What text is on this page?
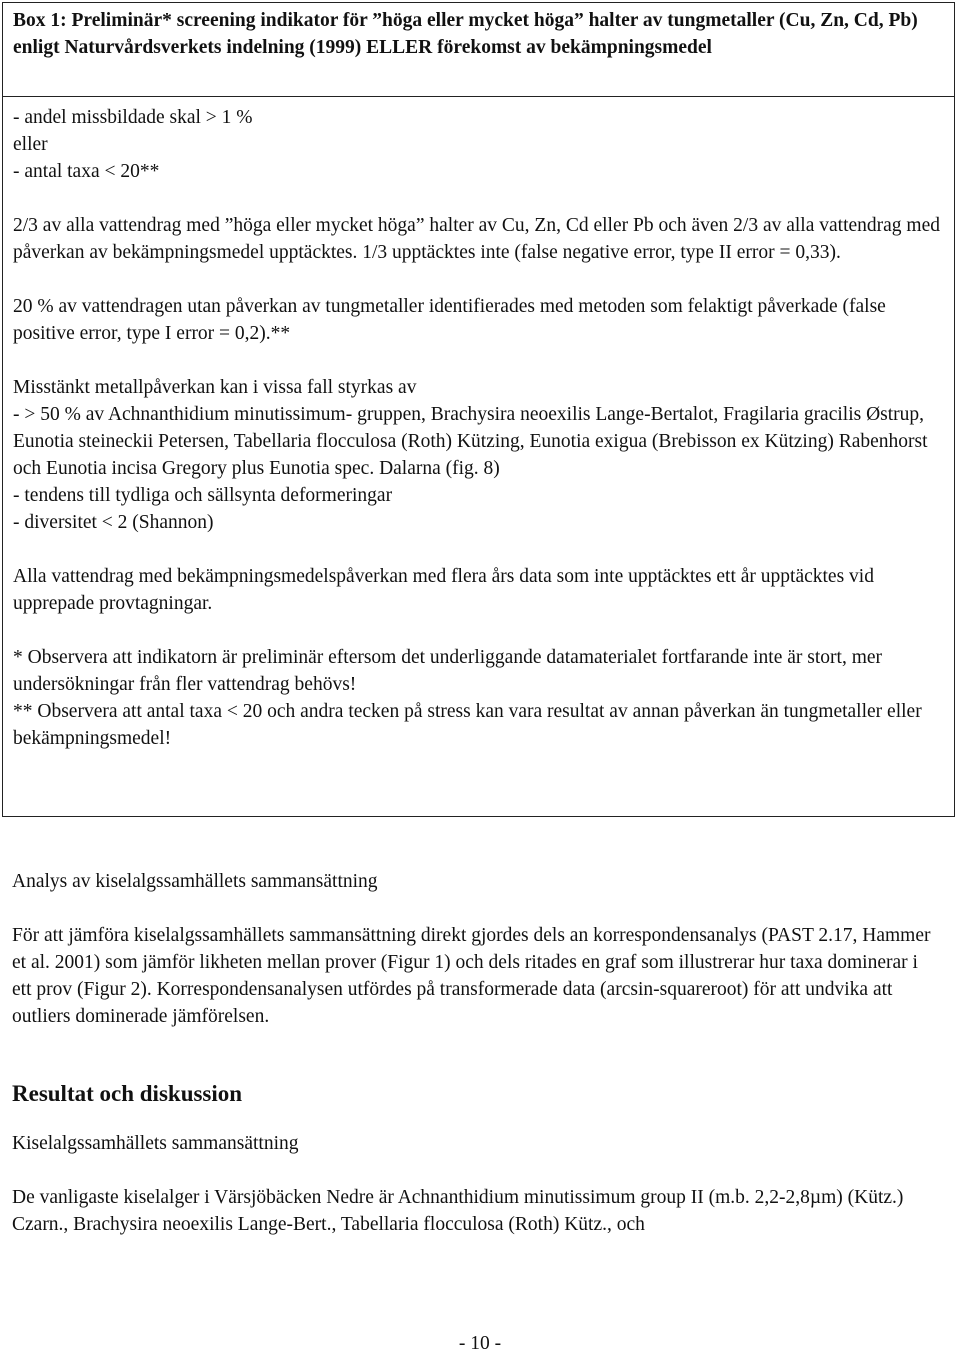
Box 1: Preliminär* screening indikator för ”höga eller mycket höga” halter av tungmetaller (Cu, Zn, Cd, Pb) enligt Naturvårdsverkets indelning (1999) ELLER förekomst av bekämpningsmedel

- andel missbildade skal > 1 %

eller

- antal taxa < 20**

2/3 av alla vattendrag med ”höga eller mycket höga” halter av Cu, Zn, Cd eller Pb och även 2/3 av alla vattendrag med påverkan av bekämpningsmedel upptäcktes. 1/3 upptäcktes inte (false negative error, type II error = 0,33).

20 % av vattendragen utan påverkan av tungmetaller identifierades med metoden som felaktigt påverkade (false positive error, type I error = 0,2).**

Misstänkt metallpåverkan kan i vissa fall styrkas av

- > 50 % av Achnanthidium minutissimum- gruppen, Brachysira neoexilis Lange-Bertalot, Fragilaria gracilis Østrup, Eunotia steineckii Petersen, Tabellaria flocculosa (Roth) Kützing, Eunotia exigua (Brebisson ex Kützing) Rabenhorst och Eunotia incisa Gregory plus Eunotia spec. Dalarna (fig. 8)

- tendens till tydliga och sällsynta deformeringar

- diversitet < 2 (Shannon)

Alla vattendrag med bekämpningsmedelspåverkan med flera års data som inte upptäcktes ett år upptäcktes vid upprepade provtagningar.

* Observera att indikatorn är preliminär eftersom det underliggande datamaterialet fortfarande inte är stort, mer undersökningar från fler vattendrag behövs!

** Observera att antal taxa < 20 och andra tecken på stress kan vara resultat av annan påverkan än tungmetaller eller bekämpningsmedel!

Analys av kiselalgssamhällets sammansättning

För att jämföra kiselalgssamhällets sammansättning direkt gjordes dels an korrespondensanalys (PAST 2.17, Hammer et al. 2001) som jämför likheten mellan prover (Figur 1) och dels ritades en graf som illustrerar hur taxa dominerar i ett prov (Figur 2). Korrespondensanalysen utfördes på transformerade data (arcsin-squareroot) för att undvika att outliers dominerade jämförelsen.

Resultat och diskussion

Kiselalgssamhällets sammansättning

De vanligaste kiselalger i Värsjöbäcken Nedre är Achnanthidium minutissimum group II (m.b. 2,2-2,8µm) (Kütz.) Czarn., Brachysira neoexilis Lange-Bert., Tabellaria flocculosa (Roth) Kütz., och

- 10 -
